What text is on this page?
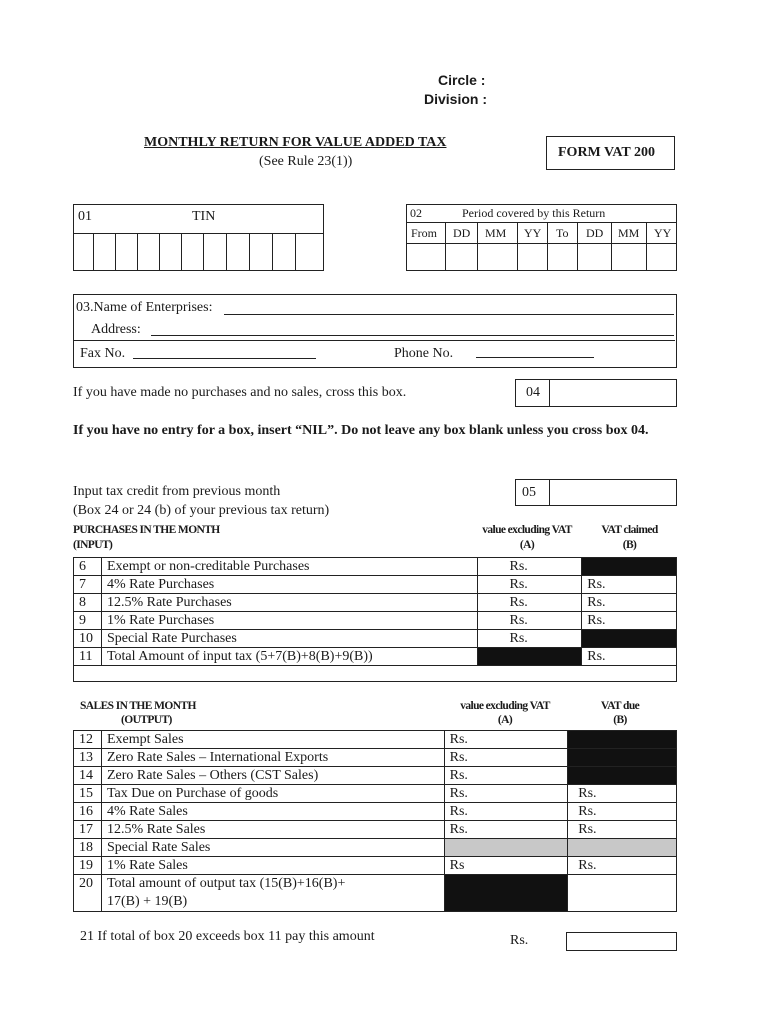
Circle :
Division :
MONTHLY RETURN FOR VALUE ADDED TAX
(See Rule 23(1))
FORM VAT 200
01	TIN	02	Period covered by this Return
From DD MM YY To DD MM YY
03.Name of Enterprises:
Address:
Fax No.	Phone No.
If you have made no purchases and no sales, cross this box.	04
If you have no entry for a box, insert “NIL”. Do not leave any box blank unless you cross box 04.
Input tax credit from previous month
(Box 24 or 24 (b) of your previous tax return)
05
PURCHASES IN THE MONTH
(INPUT)
value excluding VAT
(A)
VAT claimed
(B)
6	Exempt or non-creditable Purchases	Rs.	
7	4% Rate Purchases	Rs.	Rs.
8	12.5% Rate Purchases	Rs.	Rs.
9	1% Rate Purchases	Rs.	Rs.
10	Special Rate Purchases	Rs.	
11	Total Amount of input tax (5+7(B)+8(B)+9(B))		Rs.

SALES IN THE MONTH
(OUTPUT)
value excluding VAT
(A)
VAT due
(B)
12	Exempt Sales	Rs.	
13	Zero Rate Sales – International Exports	Rs.	
14	Zero Rate Sales – Others (CST Sales)	Rs.	
15	Tax Due on Purchase of goods	Rs.	Rs.
16	4% Rate Sales	Rs.	Rs.
17	12.5% Rate Sales	Rs.	Rs.
18	Special Rate Sales		
19	1% Rate Sales	Rs	Rs.
20	Total amount of output tax (15(B)+16(B)+
17(B) + 19(B)		

21 If total of box 20 exceeds box 11 pay this amount	Rs.
